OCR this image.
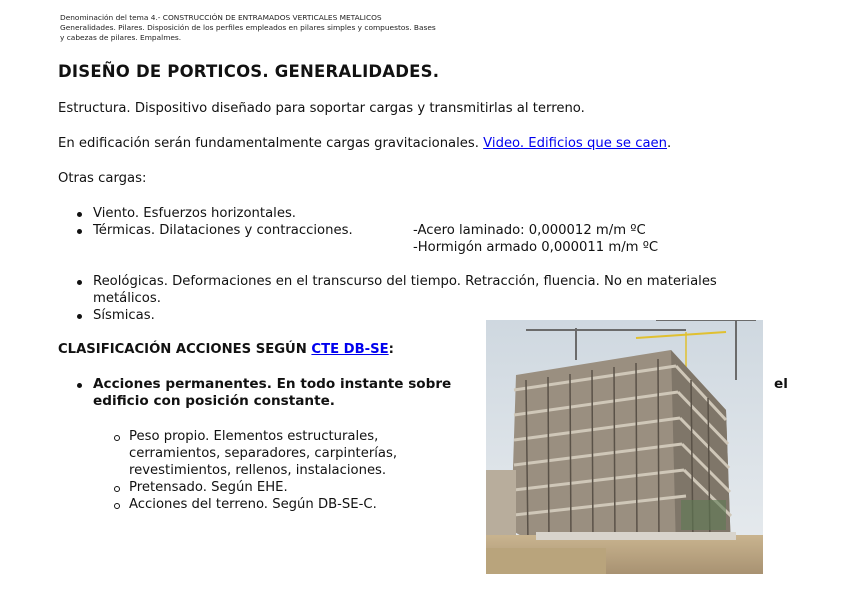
Denominación del tema 4.- CONSTRUCCIÓN DE ENTRAMADOS VERTICALES METALICOS
Generalidades. Pilares. Disposición de los perfiles empleados en pilares simples y compuestos. Bases
y cabezas de pilares. Empalmes.
DISEÑO DE PORTICOS. GENERALIDADES.

Estructura. Dispositivo diseñado para soportar cargas y transmitirlas al terreno.

En edificación serán fundamentalmente cargas gravitacionales. Video. Edificios que se caen.

Otras cargas:

Viento. Esfuerzos horizontales.
Térmicas. Dilataciones y contracciones.	-Acero laminado: 0,000012 m/m ºC
-Hormigón armado 0,000011 m/m ºC
Reológicas. Deformaciones en el transcurso del tiempo. Retracción, fluencia. No en materiales metálicos.
Sísmicas.

CLASIFICACIÓN ACCIONES SEGÚN CTE DB-SE:

Acciones permanentes. En todo instante sobre
edificio con posición constante.
el
Peso propio. Elementos estructurales, cerramientos, separadores, carpinterías, revestimientos, rellenos, instalaciones.
Pretensado. Según EHE.
Acciones del terreno. Según DB-SE-C.
